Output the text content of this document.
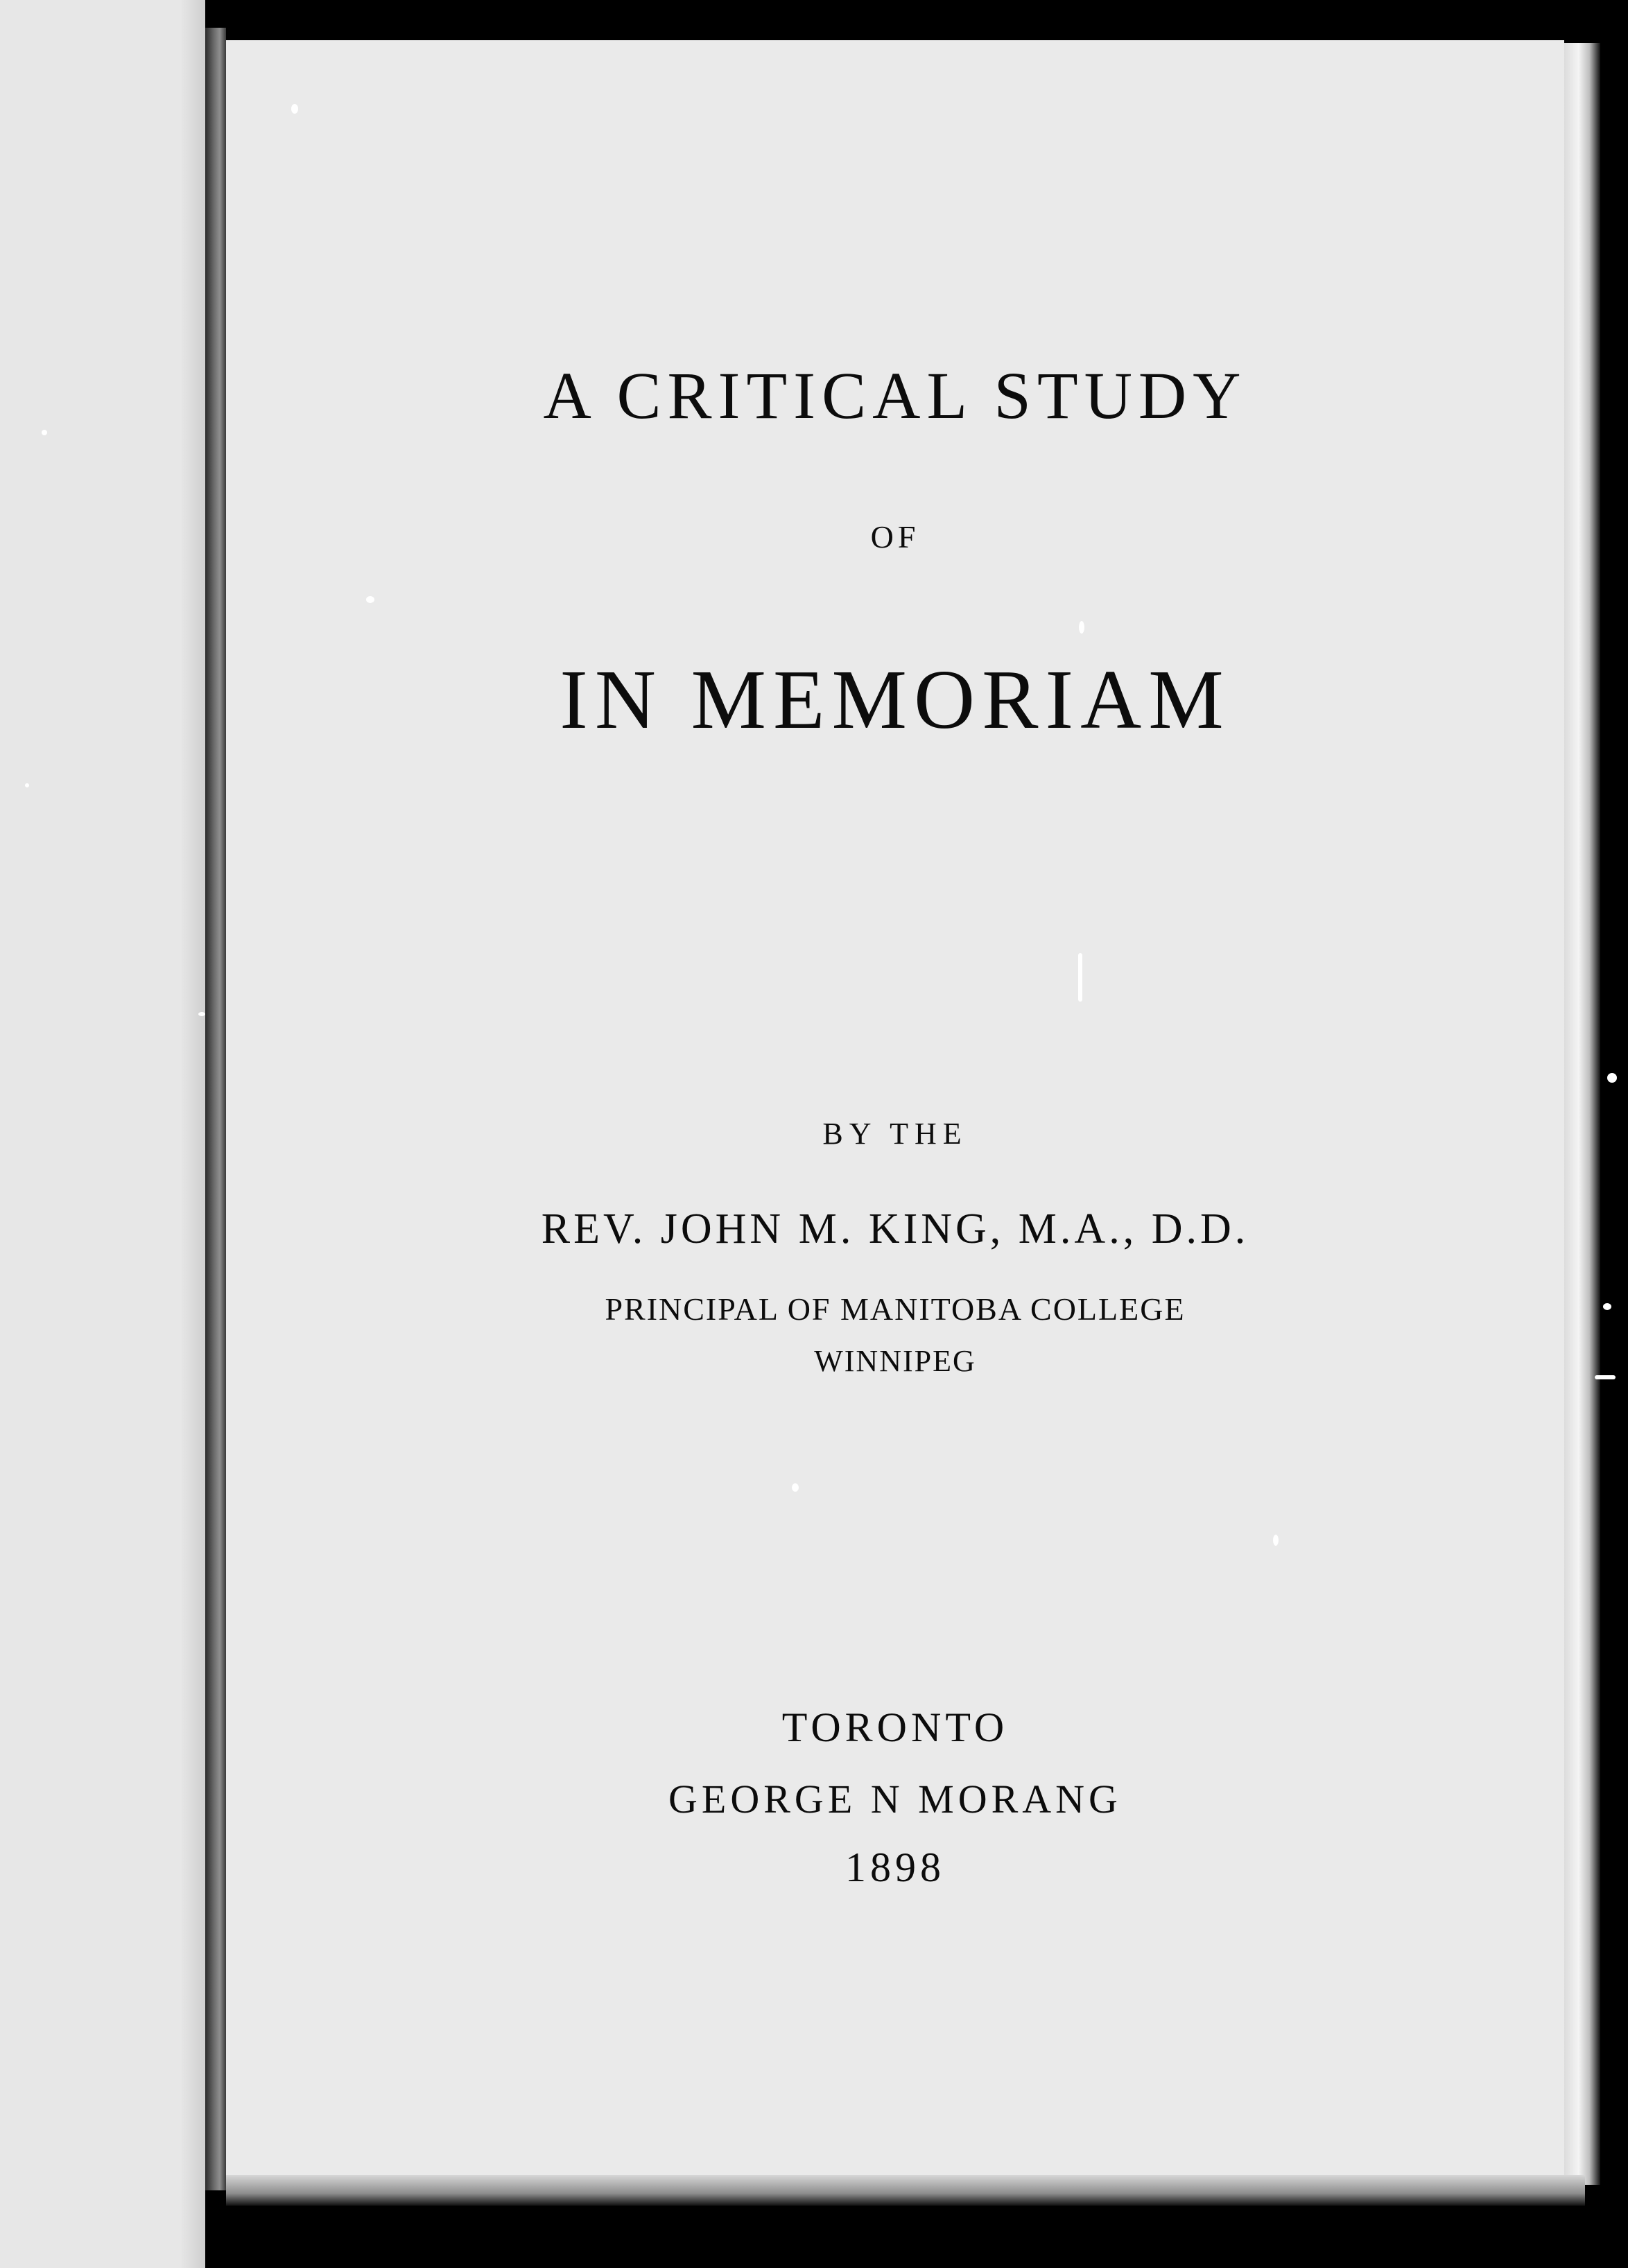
A CRITICAL STUDY
OF
IN MEMORIAM
BY THE
REV. JOHN M. KING, M.A., D.D.
PRINCIPAL OF MANITOBA COLLEGE
WINNIPEG
TORONTO
GEORGE N MORANG
1898
